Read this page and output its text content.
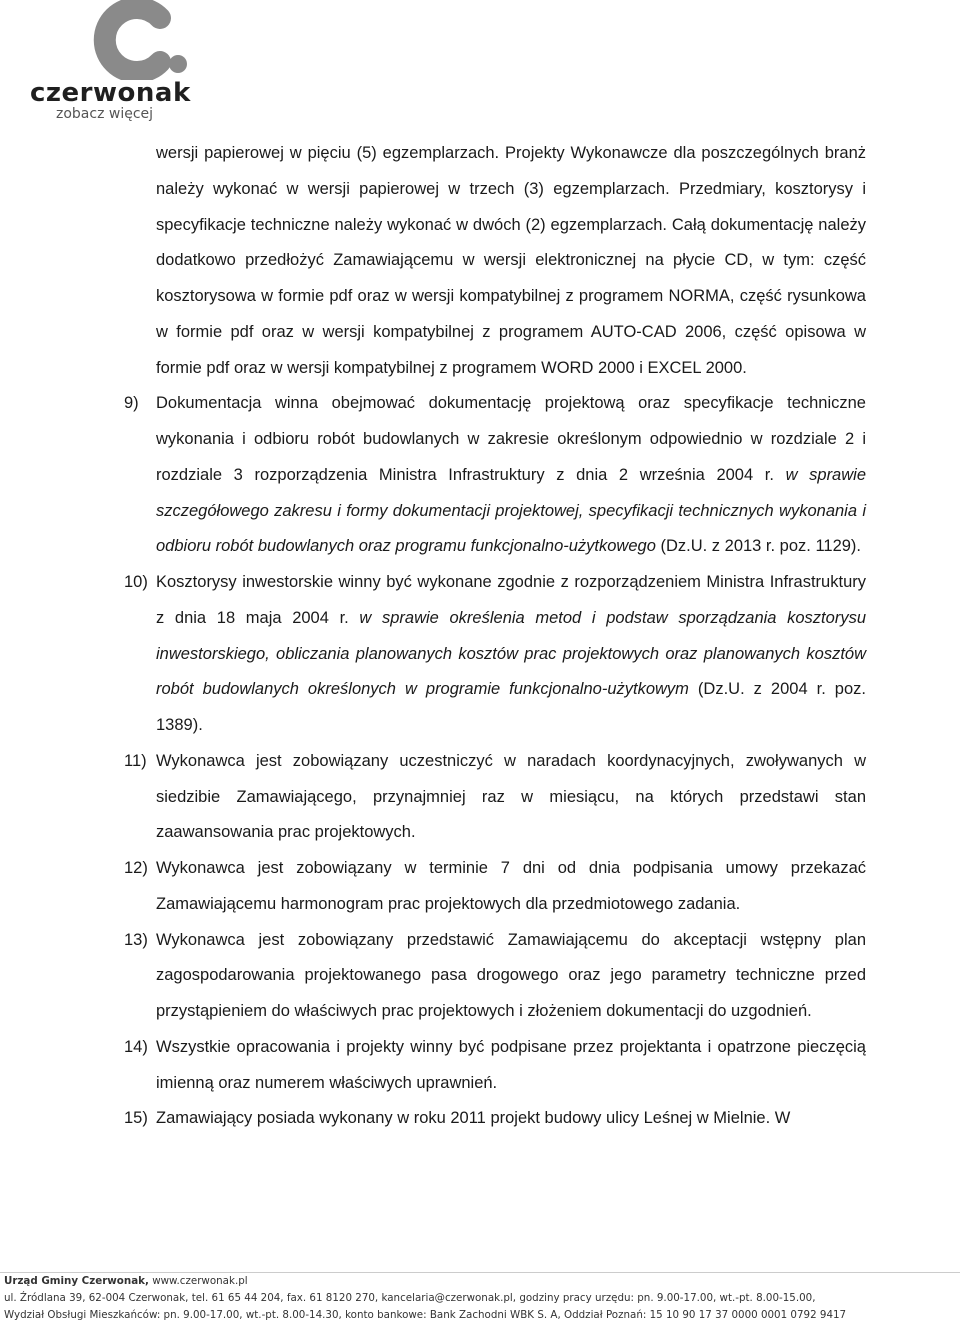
czerwonak
zobacz więcej
wersji papierowej w pięciu (5) egzemplarzach. Projekty Wykonawcze dla poszczególnych branż należy wykonać w wersji papierowej w trzech (3) egzemplarzach. Przedmiary, kosztorysy i specyfikacje techniczne należy wykonać w dwóch (2) egzemplarzach. Całą dokumentację należy dodatkowo przedłożyć Zamawiającemu w wersji elektronicznej na płycie CD, w tym: część kosztorysowa w formie pdf oraz w wersji kompatybilnej z programem NORMA, część rysunkowa w formie pdf oraz w wersji kompatybilnej z programem AUTO-CAD 2006, część opisowa w formie pdf oraz w wersji kompatybilnej z programem WORD 2000 i EXCEL 2000.
9) Dokumentacja winna obejmować dokumentację projektową oraz specyfikacje techniczne wykonania i odbioru robót budowlanych w zakresie określonym odpowiednio w rozdziale 2 i rozdziale 3 rozporządzenia Ministra Infrastruktury z dnia 2 września 2004 r. w sprawie szczegółowego zakresu i formy dokumentacji projektowej, specyfikacji technicznych wykonania i odbioru robót budowlanych oraz programu funkcjonalno-użytkowego (Dz.U. z 2013 r. poz. 1129).
10) Kosztorysy inwestorskie winny być wykonane zgodnie z rozporządzeniem Ministra Infrastruktury z dnia 18 maja 2004 r. w sprawie określenia metod i podstaw sporządzania kosztorysu inwestorskiego, obliczania planowanych kosztów prac projektowych oraz planowanych kosztów robót budowlanych określonych w programie funkcjonalno-użytkowym (Dz.U. z 2004 r. poz. 1389).
11) Wykonawca jest zobowiązany uczestniczyć w naradach koordynacyjnych, zwoływanych w siedzibie Zamawiającego, przynajmniej raz w miesiącu, na których przedstawi stan zaawansowania prac projektowych.
12) Wykonawca jest zobowiązany w terminie 7 dni od dnia podpisania umowy przekazać Zamawiającemu harmonogram prac projektowych dla przedmiotowego zadania.
13) Wykonawca jest zobowiązany przedstawić Zamawiającemu do akceptacji wstępny plan zagospodarowania projektowanego pasa drogowego oraz jego parametry techniczne przed przystąpieniem do właściwych prac projektowych i złożeniem dokumentacji do uzgodnień.
14) Wszystkie opracowania i projekty winny być podpisane przez projektanta i opatrzone pieczęcią imienną oraz numerem właściwych uprawnień.
15) Zamawiający posiada wykonany w roku 2011 projekt budowy ulicy Leśnej w Mielnie. W
Urząd Gminy Czerwonak, www.czerwonak.pl
ul. Źródlana 39, 62-004 Czerwonak, tel. 61 65 44 204, fax. 61 8120 270, kancelaria@czerwonak.pl, godziny pracy urzędu: pn. 9.00-17.00, wt.-pt. 8.00-15.00,
Wydział Obsługi Mieszkańców: pn. 9.00-17.00, wt.-pt. 8.00-14.30, konto bankowe: Bank Zachodni WBK S. A, Oddział Poznań: 15 10 90 17 37 0000 0001 0792 9417
